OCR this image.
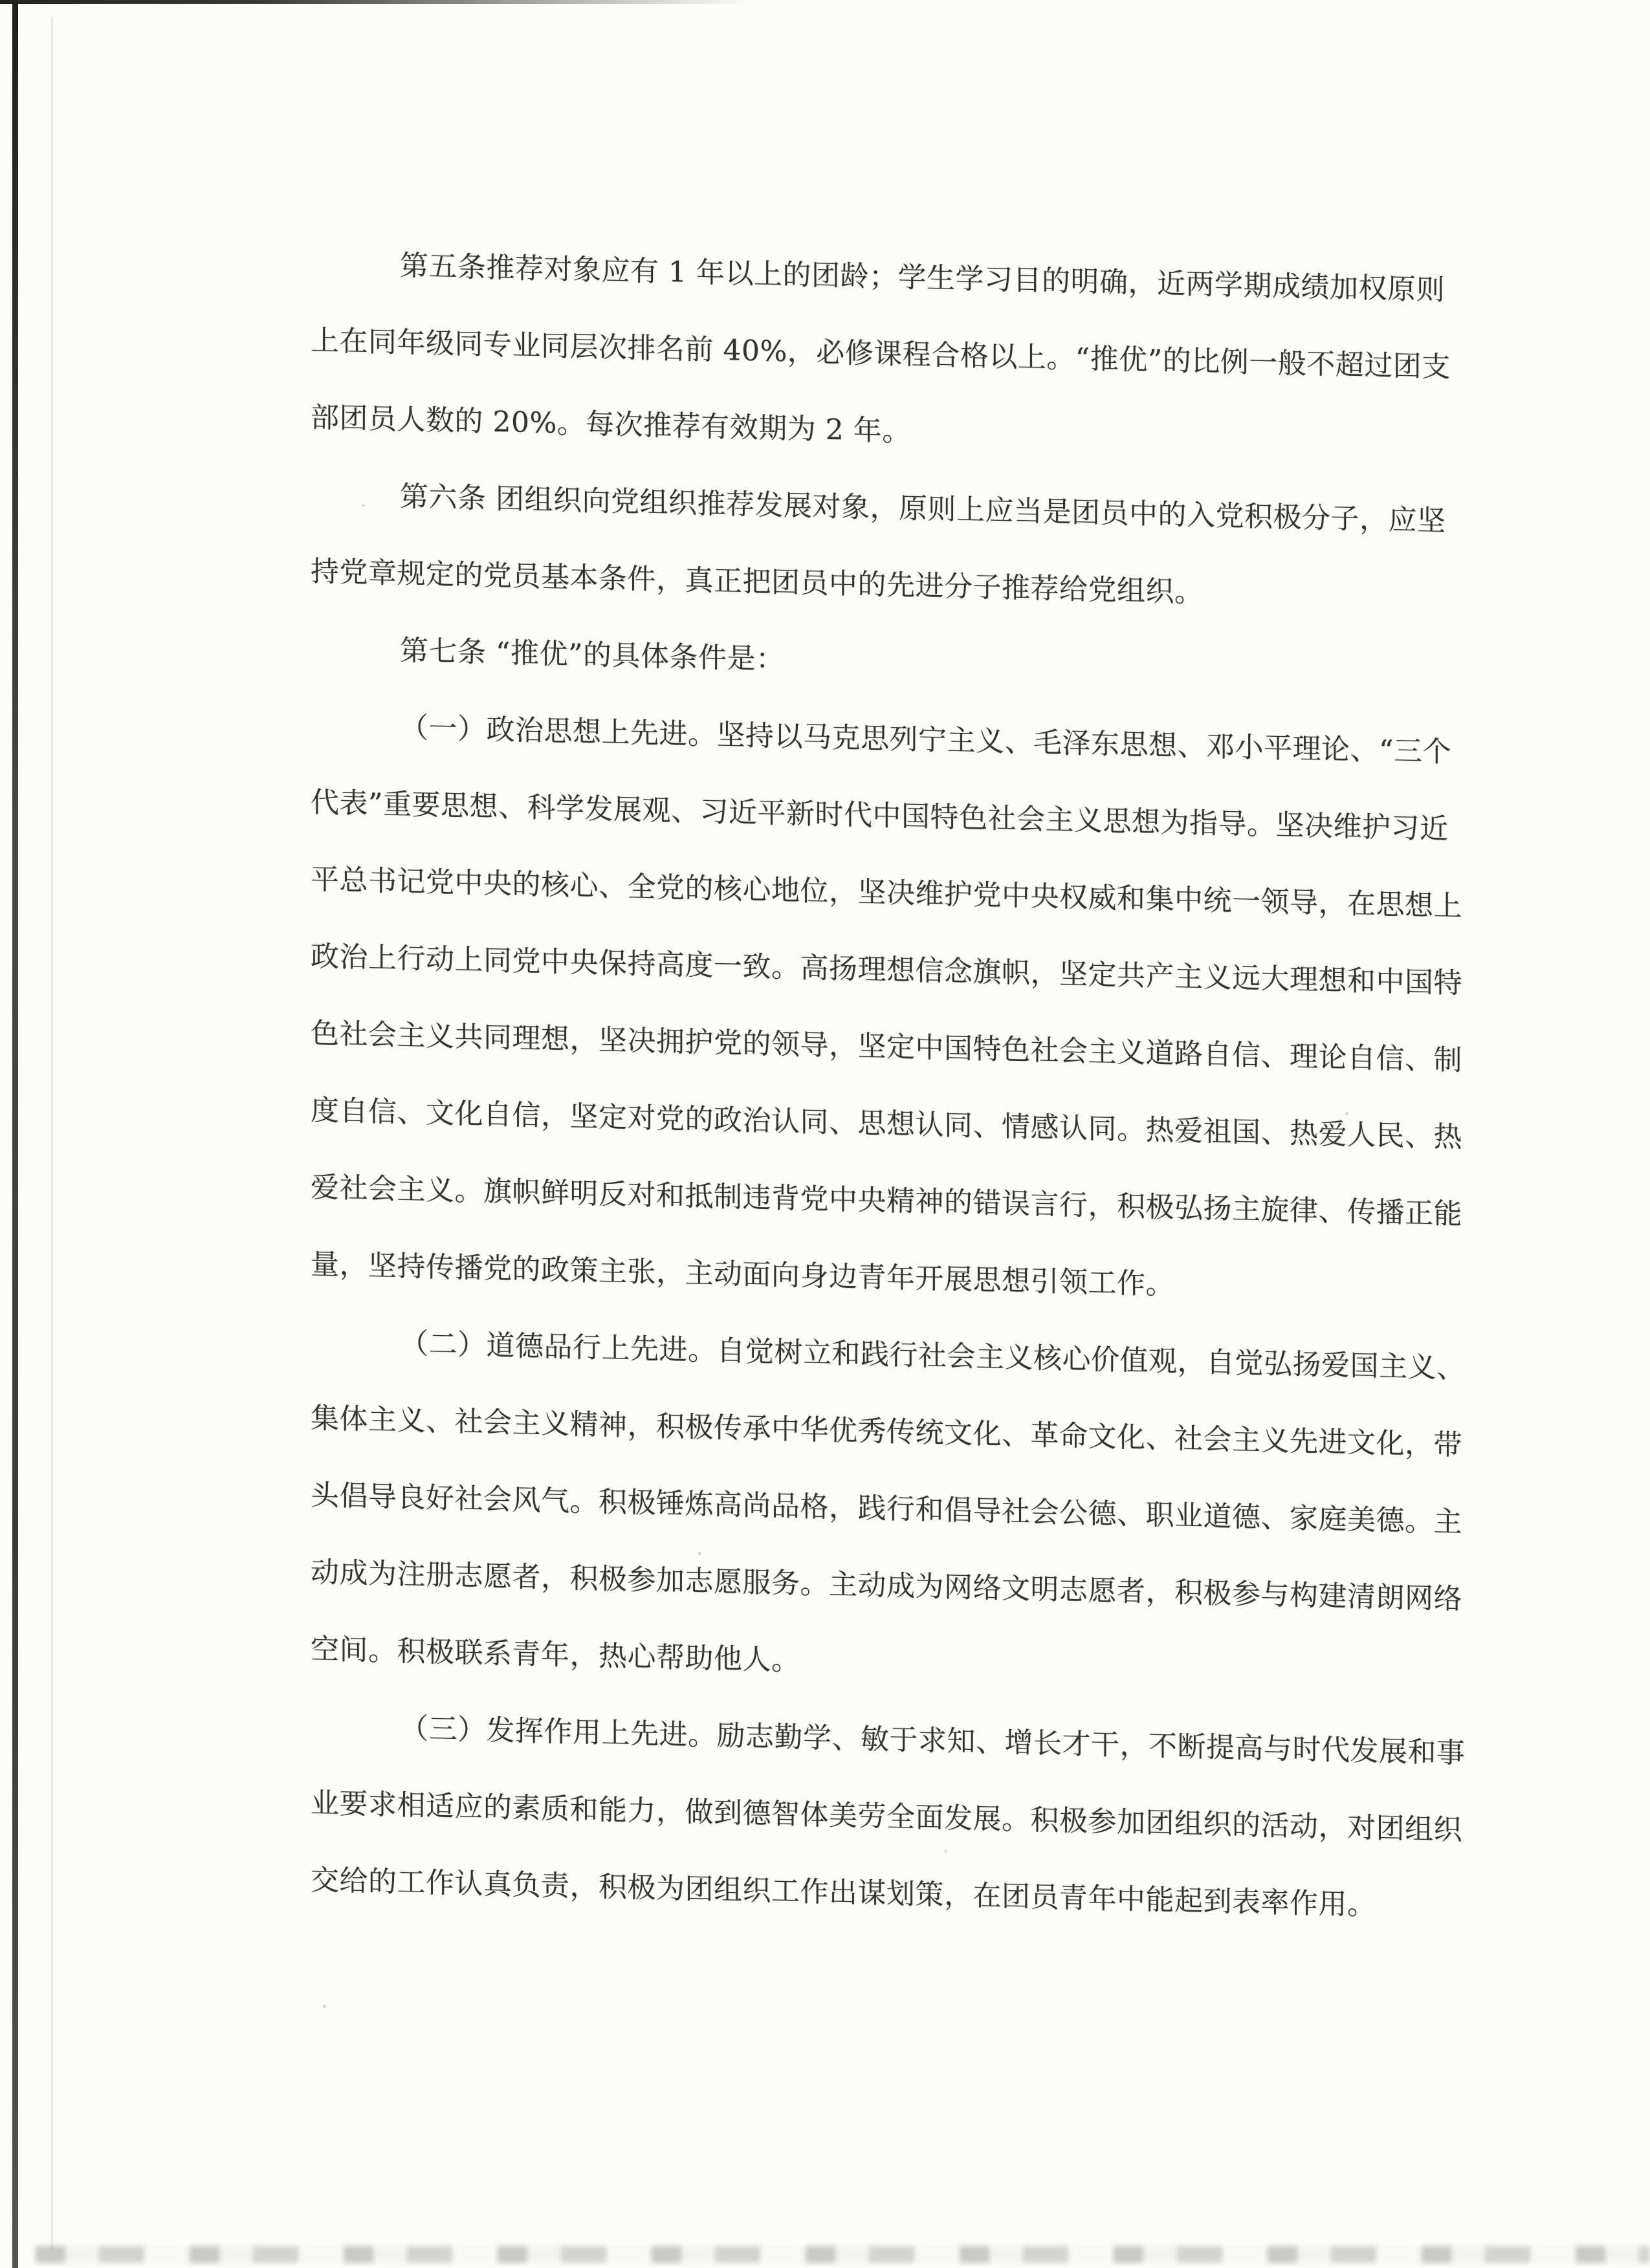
第五条推荐对象应有 1 年以上的团龄；学生学习目的明确，近两学期成绩加权原则
上在同年级同专业同层次排名前 40%，必修课程合格以上。“推优”的比例一般不超过团支
部团员人数的 20%。每次推荐有效期为 2 年。
第六条 团组织向党组织推荐发展对象，原则上应当是团员中的入党积极分子，应坚
持党章规定的党员基本条件，真正把团员中的先进分子推荐给党组织。
第七条 “推优”的具体条件是：
（一）政治思想上先进。坚持以马克思列宁主义、毛泽东思想、邓小平理论、“三个
代表”重要思想、科学发展观、习近平新时代中国特色社会主义思想为指导。坚决维护习近
平总书记党中央的核心、全党的核心地位，坚决维护党中央权威和集中统一领导，在思想上
政治上行动上同党中央保持高度一致。高扬理想信念旗帜，坚定共产主义远大理想和中国特
色社会主义共同理想，坚决拥护党的领导，坚定中国特色社会主义道路自信、理论自信、制
度自信、文化自信，坚定对党的政治认同、思想认同、情感认同。热爱祖国、热爱人民、热
爱社会主义。旗帜鲜明反对和抵制违背党中央精神的错误言行，积极弘扬主旋律、传播正能
量，坚持传播党的政策主张，主动面向身边青年开展思想引领工作。
（二）道德品行上先进。自觉树立和践行社会主义核心价值观，自觉弘扬爱国主义、
集体主义、社会主义精神，积极传承中华优秀传统文化、革命文化、社会主义先进文化，带
头倡导良好社会风气。积极锤炼高尚品格，践行和倡导社会公德、职业道德、家庭美德。主
动成为注册志愿者，积极参加志愿服务。主动成为网络文明志愿者，积极参与构建清朗网络
空间。积极联系青年，热心帮助他人。
（三）发挥作用上先进。励志勤学、敏于求知、增长才干，不断提高与时代发展和事
业要求相适应的素质和能力，做到德智体美劳全面发展。积极参加团组织的活动，对团组织
交给的工作认真负责，积极为团组织工作出谋划策，在团员青年中能起到表率作用。
